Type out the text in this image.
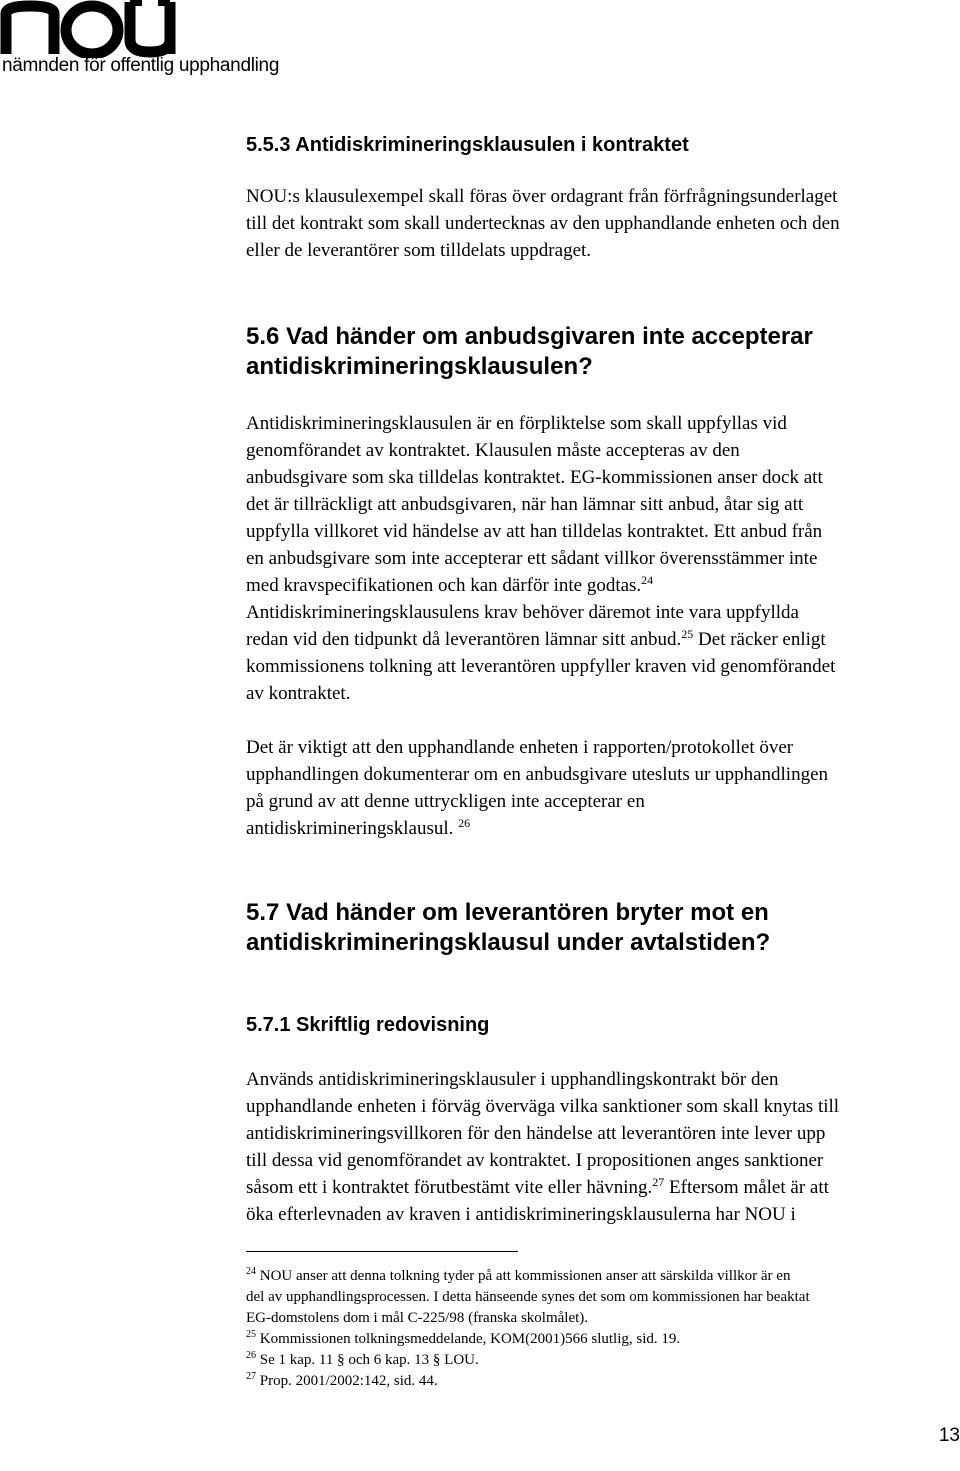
nämnden för offentlig upphandling
5.5.3 Antidiskrimineringsklausulen i kontraktet
NOU:s klausulexempel skall föras över ordagrant från förfrågningsunderlaget
till det kontrakt som skall undertecknas av den upphandlande enheten och den
eller de leverantörer som tilldelats uppdraget.
5.6 Vad händer om anbudsgivaren inte accepterar
antidiskrimineringsklausulen?
Antidiskrimineringsklausulen är en förpliktelse som skall uppfyllas vid
genomförandet av kontraktet. Klausulen måste accepteras av den
anbudsgivare som ska tilldelas kontraktet. EG-kommissionen anser dock att
det är tillräckligt att anbudsgivaren, när han lämnar sitt anbud, åtar sig att
uppfylla villkoret vid händelse av att han tilldelas kontraktet. Ett anbud från
en anbudsgivare som inte accepterar ett sådant villkor överensstämmer inte
med kravspecifikationen och kan därför inte godtas.$^{24}$
Antidiskrimineringsklausulens krav behöver däremot inte vara uppfyllda
redan vid den tidpunkt då leverantören lämnar sitt anbud.$^{25}$ Det räcker enligt
kommissionens tolkning att leverantören uppfyller kraven vid genomförandet
av kontraktet.
Det är viktigt att den upphandlande enheten i rapporten/protokollet över
upphandlingen dokumenterar om en anbudsgivare utesluts ur upphandlingen
på grund av att denne uttryckligen inte accepterar en
antidiskrimineringsklausul. $^{26}$
5.7 Vad händer om leverantören bryter mot en
antidiskrimineringsklausul under avtalstiden?
5.7.1 Skriftlig redovisning
Används antidiskrimineringsklausuler i upphandlingskontrakt bör den
upphandlande enheten i förväg överväga vilka sanktioner som skall knytas till
antidiskrimineringsvillkoren för den händelse att leverantören inte lever upp
till dessa vid genomförandet av kontraktet. I propositionen anges sanktioner
såsom ett i kontraktet förutbestämt vite eller hävning.$^{27}$ Eftersom målet är att
öka efterlevnaden av kraven i antidiskrimineringsklausulerna har NOU i
$^{24}$ NOU anser att denna tolkning tyder på att kommissionen anser att särskilda villkor är en
del av upphandlingsprocessen. I detta hänseende synes det som om kommissionen har beaktat
EG-domstolens dom i mål C-225/98 (franska skolmålet).
$^{25}$ Kommissionen tolkningsmeddelande, KOM(2001)566 slutlig, sid. 19.
$^{26}$ Se 1 kap. 11 § och 6 kap. 13 § LOU.
$^{27}$ Prop. 2001/2002:142, sid. 44.
13
